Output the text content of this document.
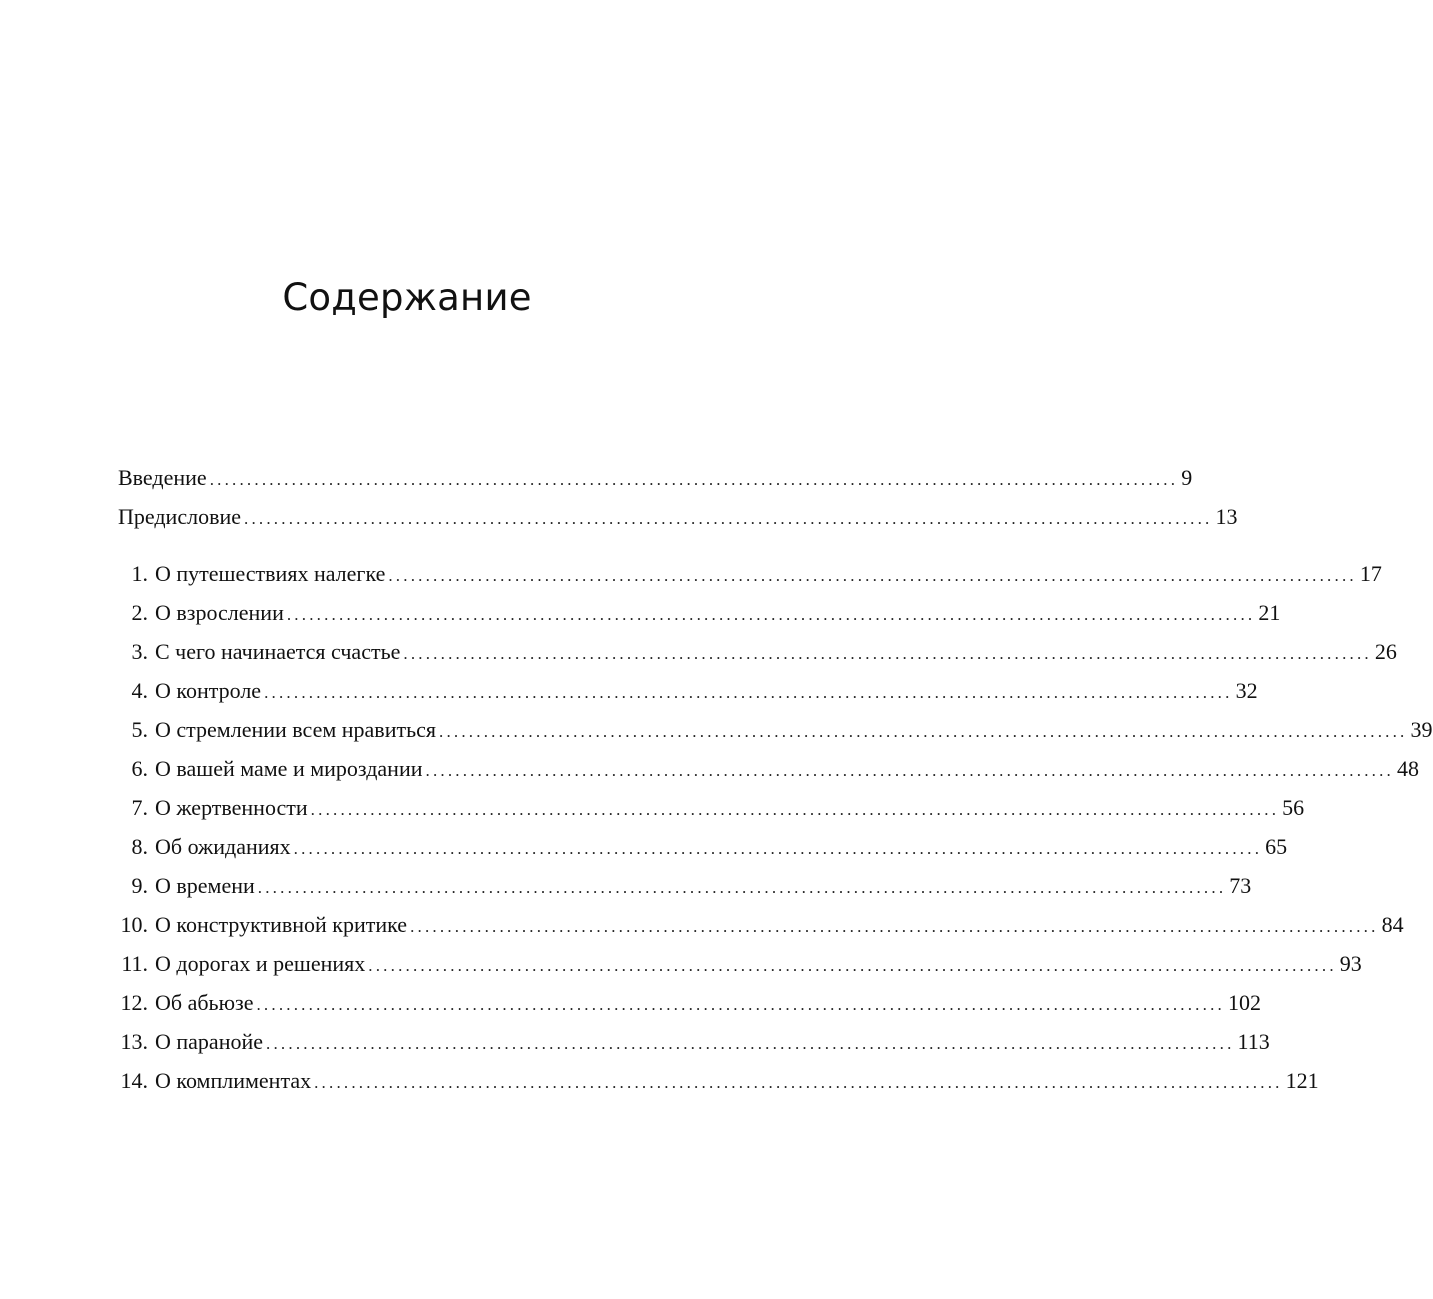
Содержание
Введение .................................................................................................................................. 9
Предисловие .................................................................................................................................. 13
1. О путешествиях налегке .................................................................................................................................. 17
2. О взрослении .................................................................................................................................. 21
3. С чего начинается счастье .................................................................................................................................. 26
4. О контроле .................................................................................................................................. 32
5. О стремлении всем нравиться .................................................................................................................................. 39
6. О вашей маме и мироздании .................................................................................................................................. 48
7. О жертвенности .................................................................................................................................. 56
8. Об ожиданиях .................................................................................................................................. 65
9. О времени .................................................................................................................................. 73
10. О конструктивной критике .................................................................................................................................. 84
11. О дорогах и решениях .................................................................................................................................. 93
12. Об абьюзе .................................................................................................................................. 102
13. О паранойе .................................................................................................................................. 113
14. О комплиментах .................................................................................................................................. 121
